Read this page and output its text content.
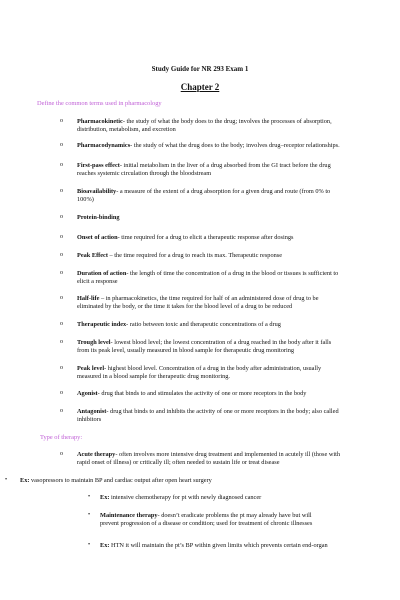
Study Guide for NR 293 Exam 1
Chapter 2
Define the common terms used in pharmacology
o Pharmacokinetic- the study of what the body does to the drug; involves the processes of absorption,
distribution, metabolism, and excretion
o Pharmacodynamics- the study of what the drug does to the body; involves drug–receptor relationships.
o First-pass effect- initial metabolism in the liver of a drug absorbed from the GI tract before the drug
reaches systemic circulation through the bloodstream
o Bioavailability- a measure of the extent of a drug absorption for a given drug and route (from 0% to
100%)
o Protein-binding
o Onset of action- time required for a drug to elicit a therapeutic response after dosings
o Peak Effect – the time required for a drug to reach its max. Therapeutic response
o Duration of action- the length of time the concentration of a drug in the blood or tissues is sufficient to
elicit a response
o Half-life – in pharmacokinetics, the time required for half of an administered dose of drug to be
eliminated by the body, or the time it takes for the blood level of a drug to be reduced
o Therapeutic index- ratio between toxic and therapeutic concentrations of a drug
o Trough level- lowest blood level; the lowest concentration of a drug reached in the body after it falls
from its peak level, usually measured in blood sample for therapeutic drug monitoring
o Peak level- highest blood level. Concentration of a drug in the body after administration, usually
measured in a blood sample for therapeutic drug monitoring.
o Agonist- drug that binds to and stimulates the activity of one or more receptors in the body
o Antagonist- drug that binds to and inhibits the activity of one or more receptors in the body; also called
inhibitors
Type of therapy:
o Acute therapy- often involves more intensive drug treatment and implemented in acutely ill (those with
rapid onset of illness) or critically ill; often needed to sustain life or treat disease
• Ex: vasopressors to maintain BP and cardiac output after open heart surgery
• Ex: intensive chemotherapy for pt with newly diagnosed cancer
• Maintenance therapy- doesn’t eradicate problems the pt may already have but will
prevent progression of a disease or condition; used for treatment of chronic illnesses
• Ex: HTN it will maintain the pt’s BP within given limits which prevents certain end-organ
